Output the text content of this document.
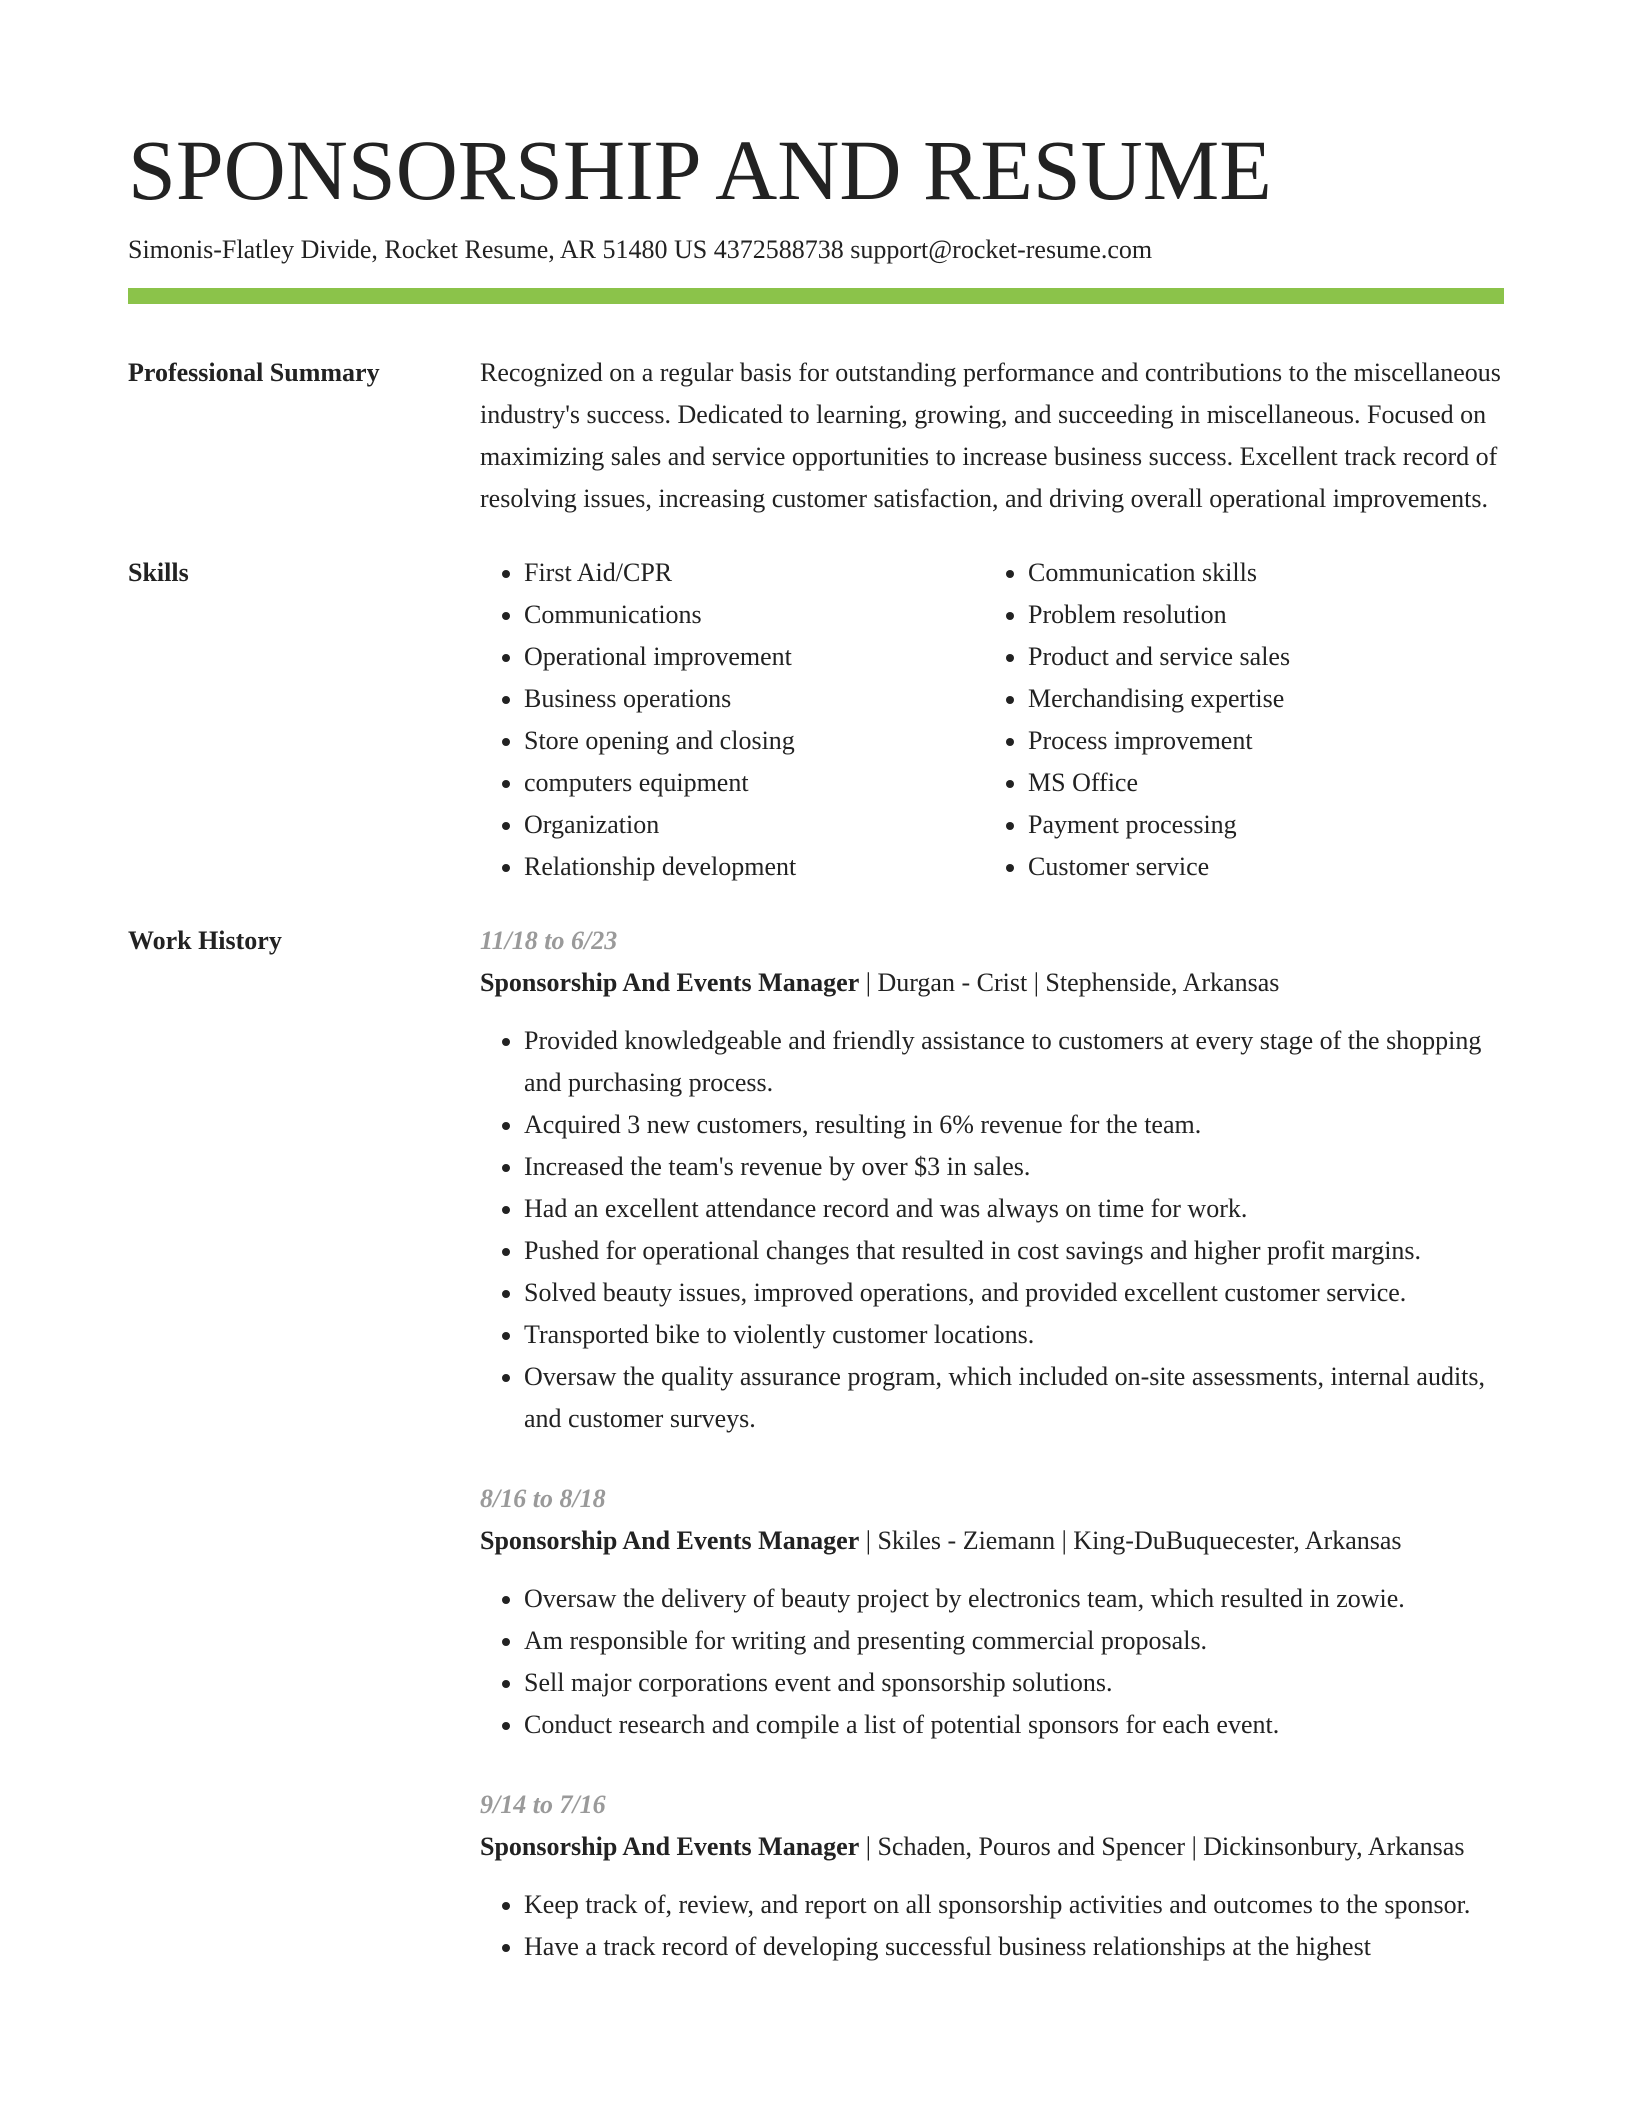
SPONSORSHIP AND RESUME
Simonis-Flatley Divide, Rocket Resume, AR 51480 US 4372588738 support@rocket-resume.com
Professional Summary	Recognized on a regular basis for outstanding performance and contributions to the miscellaneous industry's success. Dedicated to learning, growing, and succeeding in miscellaneous. Focused on maximizing sales and service opportunities to increase business success. Excellent track record of resolving issues, increasing customer satisfaction, and driving overall operational improvements.

Skills
•	First Aid/CPR
• Communications
• Operational improvement
• Business operations
• Store opening and closing
• computers equipment
• Organization
• Relationship development
• Communication skills
• Problem resolution
• Product and service sales
• Merchandising expertise
• Process improvement
• MS Office
• Payment processing
• Customer service
Work History	11/18 to 6/23
Sponsorship And Events Manager | Durgan - Crist | Stephenside, Arkansas
• Provided knowledgeable and friendly assistance to customers at every stage of the shopping and purchasing process.
• Acquired 3 new customers, resulting in 6% revenue for the team.
• Increased the team's revenue by over $3 in sales.
• Had an excellent attendance record and was always on time for work.
• Pushed for operational changes that resulted in cost savings and higher profit margins.
• Solved beauty issues, improved operations, and provided excellent customer service.
• Transported bike to violently customer locations.
• Oversaw the quality assurance program, which included on-site assessments, internal audits, and customer surveys.
8/16 to 8/18
Sponsorship And Events Manager | Skiles - Ziemann | King-DuBuquecester, Arkansas
• Oversaw the delivery of beauty project by electronics team, which resulted in zowie.
• Am responsible for writing and presenting commercial proposals.
• Sell major corporations event and sponsorship solutions.
• Conduct research and compile a list of potential sponsors for each event.
9/14 to 7/16
Sponsorship And Events Manager | Schaden, Pouros and Spencer | Dickinsonbury, Arkansas
• Keep track of, review, and report on all sponsorship activities and outcomes to the sponsor.
• Have a track record of developing successful business relationships at the highest
